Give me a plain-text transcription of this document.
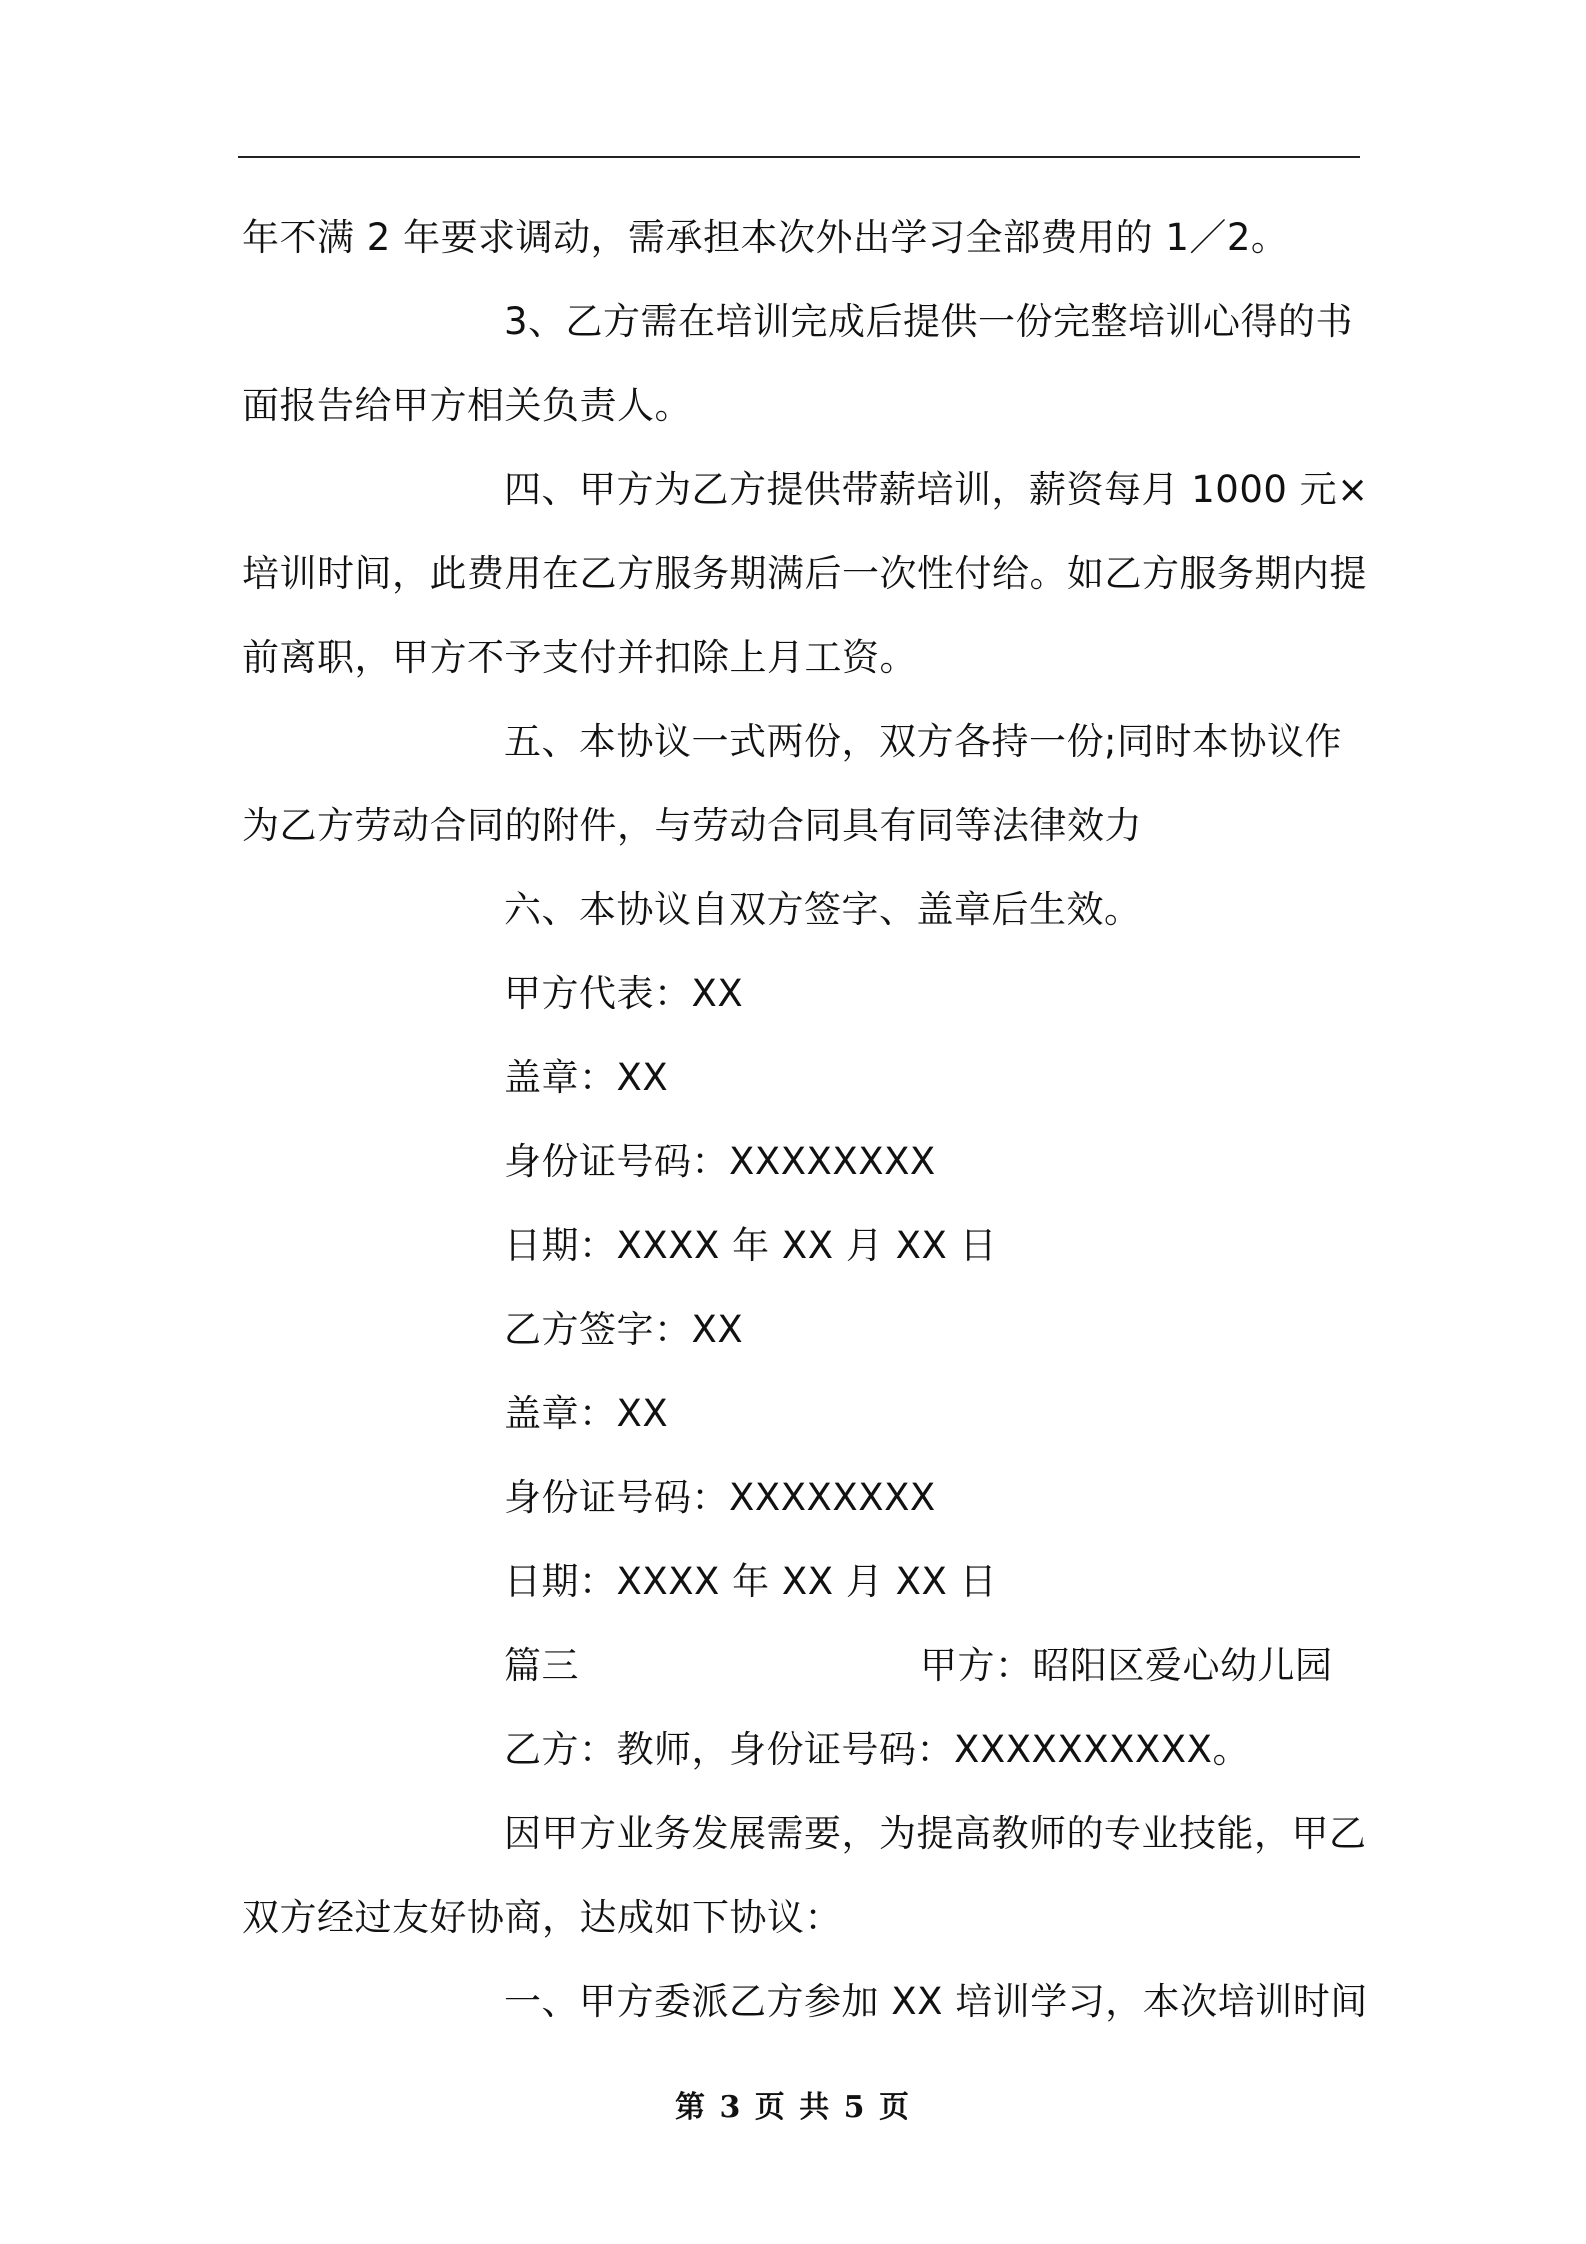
年不满 2 年要求调动，需承担本次外出学习全部费用的 1／2。
3、乙方需在培训完成后提供一份完整培训心得的书
面报告给甲方相关负责人。
四、甲方为乙方提供带薪培训，薪资每月 1000 元×
培训时间，此费用在乙方服务期满后一次性付给。如乙方服务期内提
前离职，甲方不予支付并扣除上月工资。
五、本协议一式两份，双方各持一份;同时本协议作
为乙方劳动合同的附件，与劳动合同具有同等法律效力
六、本协议自双方签字、盖章后生效。
甲方代表：XX
盖章：XX
身份证号码：XXXXXXXX
日期：XXXX 年 XX 月 XX 日
乙方签字：XX
盖章：XX
身份证号码：XXXXXXXX
日期：XXXX 年 XX 月 XX 日
篇三	甲方：昭阳区爱心幼儿园
乙方：教师，身份证号码：XXXXXXXXXX。
因甲方业务发展需要，为提高教师的专业技能，甲乙
双方经过友好协商，达成如下协议：
一、甲方委派乙方参加 XX 培训学习，本次培训时间
第 3 页 共 5 页
